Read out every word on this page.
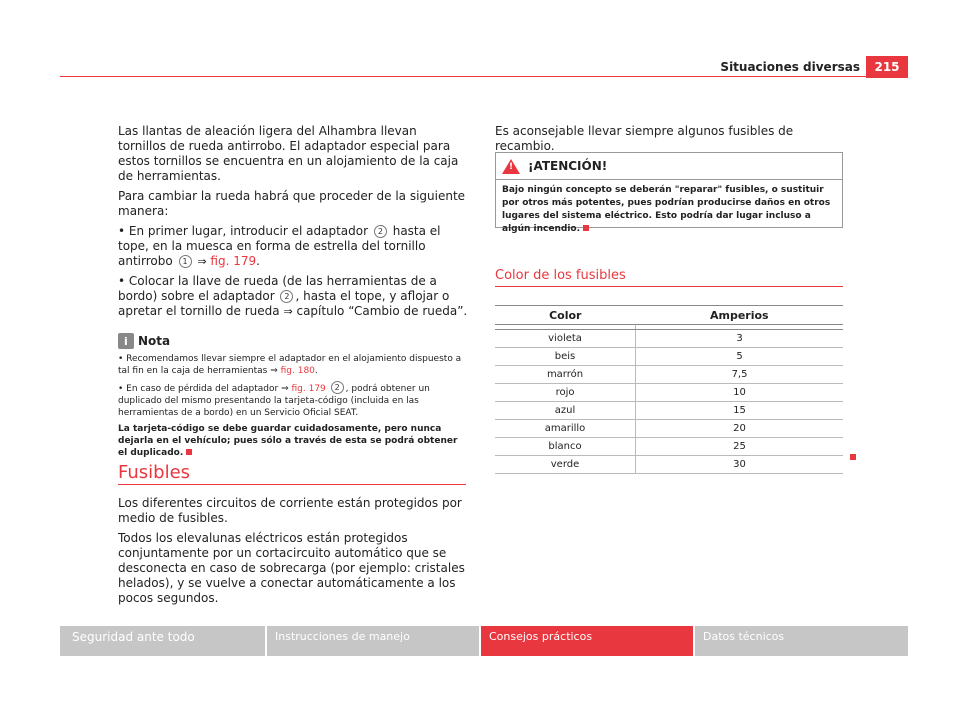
Situaciones diversas	215

Las llantas de aleación ligera del Alhambra llevan tornillos de rueda antirrobo. El adaptador especial para estos tornillos se encuentra en un alojamiento de la caja de herramientas.

Para cambiar la rueda habrá que proceder de la siguiente manera:

• En primer lugar, introducir el adaptador 2 hasta el tope, en la muesca en forma de estrella del tornillo antirrobo 1 ⇒ fig. 179.

• Colocar la llave de rueda (de las herramientas de a bordo) sobre el adaptador 2 , hasta el tope, y aflojar o apretar el tornillo de rueda ⇒ capítulo “Cambio de rueda”.

i
Nota

• Recomendamos llevar siempre el adaptador en el alojamiento dispuesto a tal fin en la caja de herramientas ⇒ fig. 180.

• En caso de pérdida del adaptador ⇒ fig. 179 2 , podrá obtener un duplicado del mismo presentando la tarjeta-código (incluida en las herramientas de a bordo) en un Servicio Oficial SEAT.

La tarjeta-código se debe guardar cuidadosamente, pero nunca dejarla en el vehículo; pues sólo a través de esta se podrá obtener el duplicado.

Fusibles

Los diferentes circuitos de corriente están protegidos por medio de fusibles.

Todos los elevalunas eléctricos están protegidos conjuntamente por un cortacircuito automático que se desconecta en caso de sobrecarga (por ejemplo: cristales helados), y se vuelve a conectar automáticamente a los pocos segundos.

Es aconsejable llevar siempre algunos fusibles de recambio.

!
¡ATENCIÓN!
Bajo ningún concepto se deberán "reparar" fusibles, o sustituir por otros más potentes, pues podrían producirse daños en otros lugares del sistema eléctrico. Esto podría dar lugar incluso a algún incendio.
Color de los fusibles
Color	Amperios

violeta	3
beis	5
marrón	7,5
rojo	10
azul	15
amarillo	20
blanco	25
verde	30
Seguridad ante todo	Instrucciones de manejo	Consejos prácticos	Datos técnicos
